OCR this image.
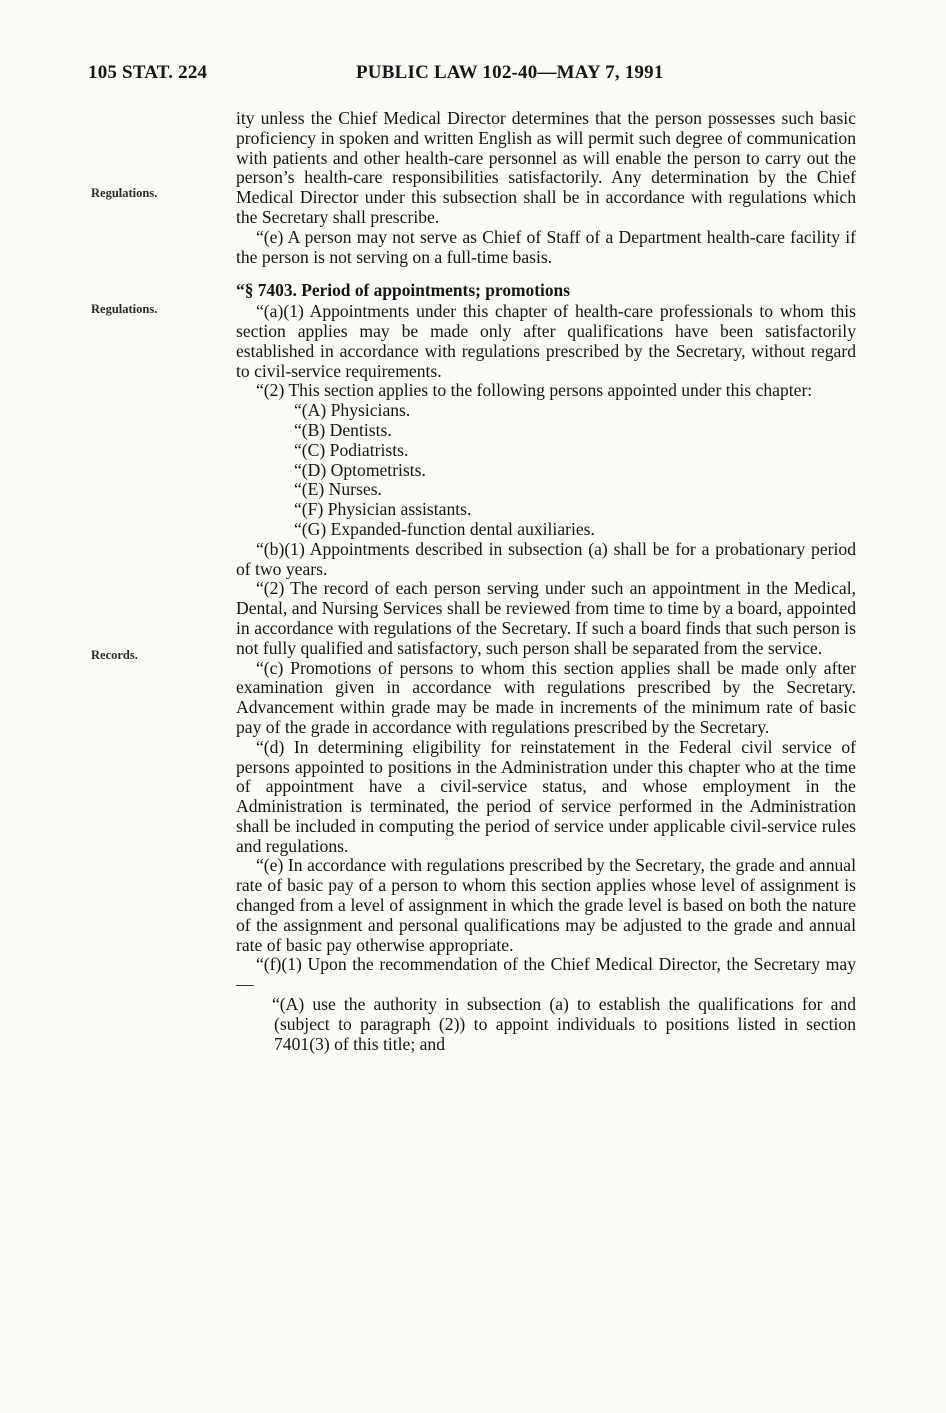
105 STAT. 224	PUBLIC LAW 102-40—MAY 7, 1991
Regulations.
Regulations.
Records.

ity unless the Chief Medical Director determines that the person possesses such basic proficiency in spoken and written English as will permit such degree of communication with patients and other health-care personnel as will enable the person to carry out the person’s health-care responsibilities satisfactorily. Any determination by the Chief Medical Director under this subsection shall be in accordance with regulations which the Secretary shall prescribe.

“(e) A person may not serve as Chief of Staff of a Department health-care facility if the person is not serving on a full-time basis.

“§ 7403. Period of appointments; promotions

“(a)(1) Appointments under this chapter of health-care professionals to whom this section applies may be made only after qualifications have been satisfactorily established in accordance with regulations prescribed by the Secretary, without regard to civil-service requirements.

“(2) This section applies to the following persons appointed under this chapter:

“(A) Physicians.

“(B) Dentists.

“(C) Podiatrists.

“(D) Optometrists.

“(E) Nurses.

“(F) Physician assistants.

“(G) Expanded-function dental auxiliaries.

“(b)(1) Appointments described in subsection (a) shall be for a probationary period of two years.

“(2) The record of each person serving under such an appointment in the Medical, Dental, and Nursing Services shall be reviewed from time to time by a board, appointed in accordance with regulations of the Secretary. If such a board finds that such person is not fully qualified and satisfactory, such person shall be separated from the service.

“(c) Promotions of persons to whom this section applies shall be made only after examination given in accordance with regulations prescribed by the Secretary. Advancement within grade may be made in increments of the minimum rate of basic pay of the grade in accordance with regulations prescribed by the Secretary.

“(d) In determining eligibility for reinstatement in the Federal civil service of persons appointed to positions in the Administration under this chapter who at the time of appointment have a civil-service status, and whose employment in the Administration is terminated, the period of service performed in the Administration shall be included in computing the period of service under applicable civil-service rules and regulations.

“(e) In accordance with regulations prescribed by the Secretary, the grade and annual rate of basic pay of a person to whom this section applies whose level of assignment is changed from a level of assignment in which the grade level is based on both the nature of the assignment and personal qualifications may be adjusted to the grade and annual rate of basic pay otherwise appropriate.

“(f)(1) Upon the recommendation of the Chief Medical Director, the Secretary may—

“(A) use the authority in subsection (a) to establish the qualifications for and (subject to paragraph (2)) to appoint individuals to positions listed in section 7401(3) of this title; and
